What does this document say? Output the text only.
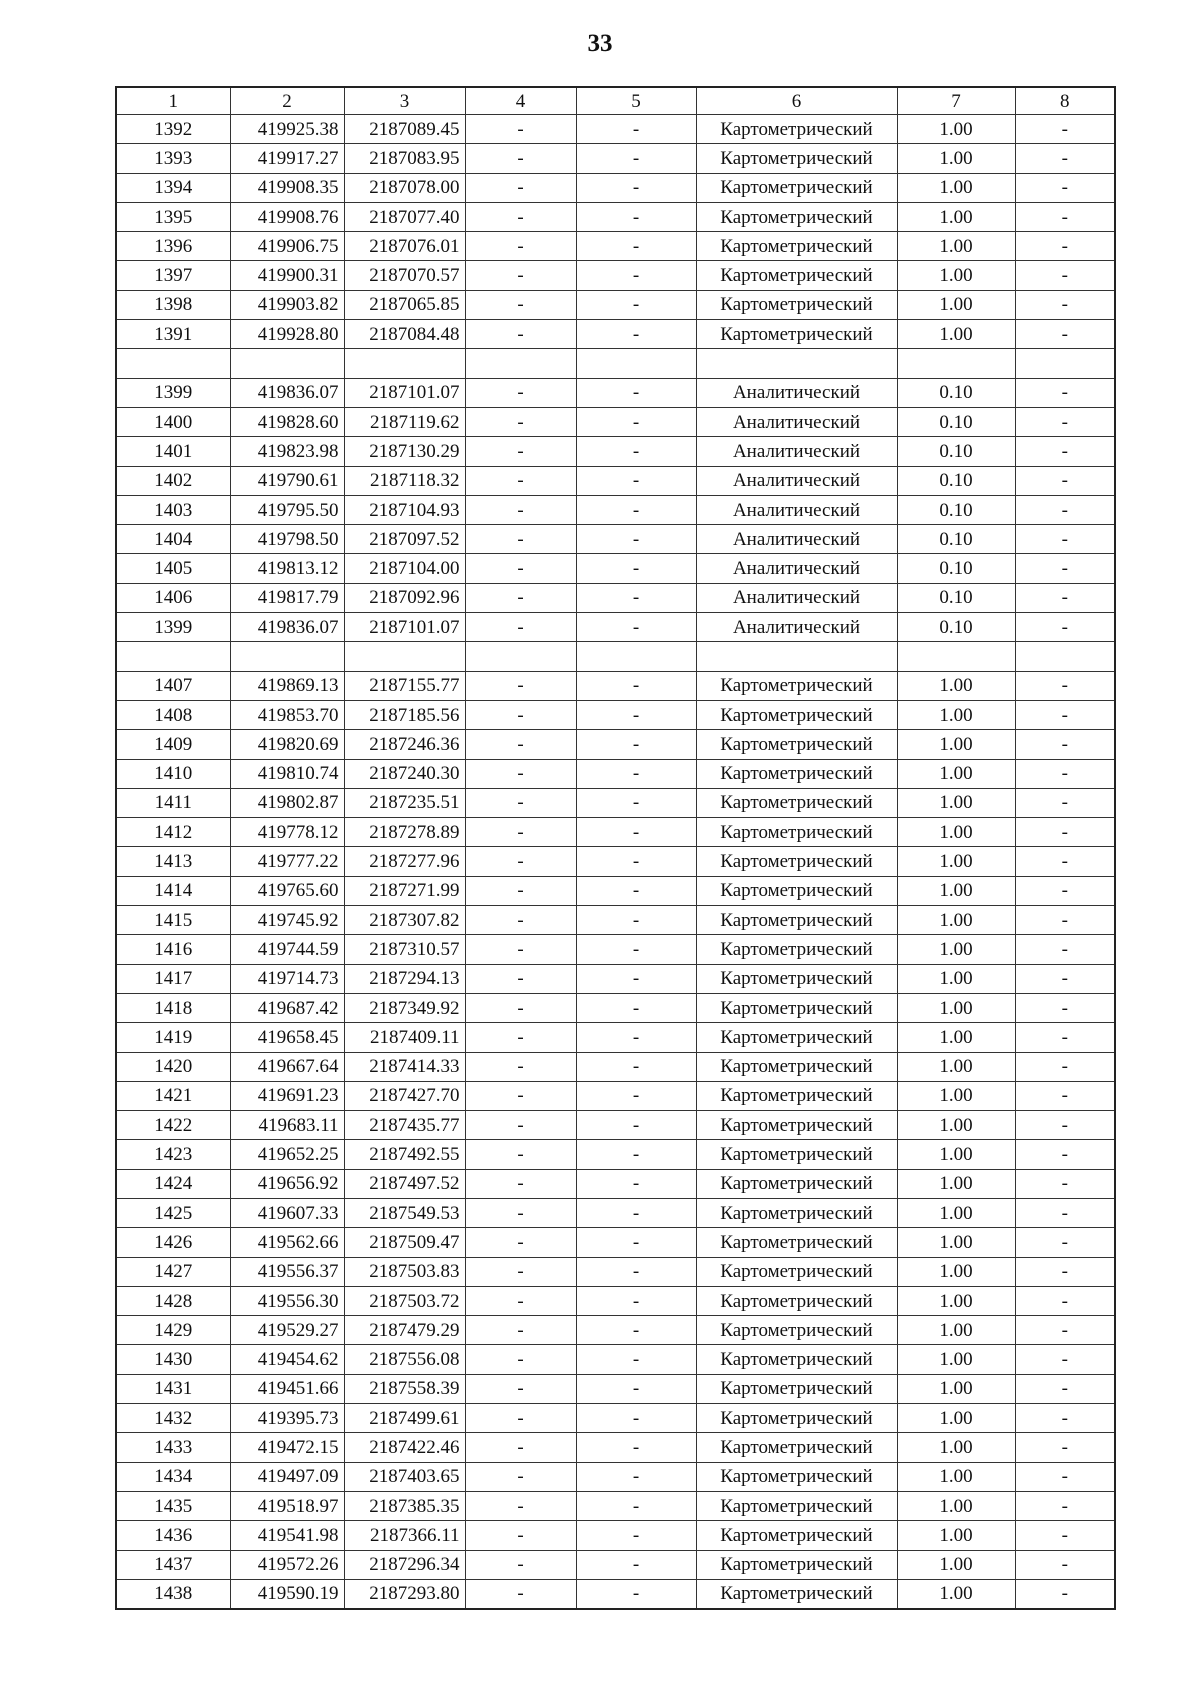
33
1	2	3	4	5	6	7	8
1392	419925.38	2187089.45	-	-	Картометрический	1.00	-
1393	419917.27	2187083.95	-	-	Картометрический	1.00	-
1394	419908.35	2187078.00	-	-	Картометрический	1.00	-
1395	419908.76	2187077.40	-	-	Картометрический	1.00	-
1396	419906.75	2187076.01	-	-	Картометрический	1.00	-
1397	419900.31	2187070.57	-	-	Картометрический	1.00	-
1398	419903.82	2187065.85	-	-	Картометрический	1.00	-
1391	419928.80	2187084.48	-	-	Картометрический	1.00	-

1399	419836.07	2187101.07	-	-	Аналитический	0.10	-
1400	419828.60	2187119.62	-	-	Аналитический	0.10	-
1401	419823.98	2187130.29	-	-	Аналитический	0.10	-
1402	419790.61	2187118.32	-	-	Аналитический	0.10	-
1403	419795.50	2187104.93	-	-	Аналитический	0.10	-
1404	419798.50	2187097.52	-	-	Аналитический	0.10	-
1405	419813.12	2187104.00	-	-	Аналитический	0.10	-
1406	419817.79	2187092.96	-	-	Аналитический	0.10	-
1399	419836.07	2187101.07	-	-	Аналитический	0.10	-

1407	419869.13	2187155.77	-	-	Картометрический	1.00	-
1408	419853.70	2187185.56	-	-	Картометрический	1.00	-
1409	419820.69	2187246.36	-	-	Картометрический	1.00	-
1410	419810.74	2187240.30	-	-	Картометрический	1.00	-
1411	419802.87	2187235.51	-	-	Картометрический	1.00	-
1412	419778.12	2187278.89	-	-	Картометрический	1.00	-
1413	419777.22	2187277.96	-	-	Картометрический	1.00	-
1414	419765.60	2187271.99	-	-	Картометрический	1.00	-
1415	419745.92	2187307.82	-	-	Картометрический	1.00	-
1416	419744.59	2187310.57	-	-	Картометрический	1.00	-
1417	419714.73	2187294.13	-	-	Картометрический	1.00	-
1418	419687.42	2187349.92	-	-	Картометрический	1.00	-
1419	419658.45	2187409.11	-	-	Картометрический	1.00	-
1420	419667.64	2187414.33	-	-	Картометрический	1.00	-
1421	419691.23	2187427.70	-	-	Картометрический	1.00	-
1422	419683.11	2187435.77	-	-	Картометрический	1.00	-
1423	419652.25	2187492.55	-	-	Картометрический	1.00	-
1424	419656.92	2187497.52	-	-	Картометрический	1.00	-
1425	419607.33	2187549.53	-	-	Картометрический	1.00	-
1426	419562.66	2187509.47	-	-	Картометрический	1.00	-
1427	419556.37	2187503.83	-	-	Картометрический	1.00	-
1428	419556.30	2187503.72	-	-	Картометрический	1.00	-
1429	419529.27	2187479.29	-	-	Картометрический	1.00	-
1430	419454.62	2187556.08	-	-	Картометрический	1.00	-
1431	419451.66	2187558.39	-	-	Картометрический	1.00	-
1432	419395.73	2187499.61	-	-	Картометрический	1.00	-
1433	419472.15	2187422.46	-	-	Картометрический	1.00	-
1434	419497.09	2187403.65	-	-	Картометрический	1.00	-
1435	419518.97	2187385.35	-	-	Картометрический	1.00	-
1436	419541.98	2187366.11	-	-	Картометрический	1.00	-
1437	419572.26	2187296.34	-	-	Картометрический	1.00	-
1438	419590.19	2187293.80	-	-	Картометрический	1.00	-
